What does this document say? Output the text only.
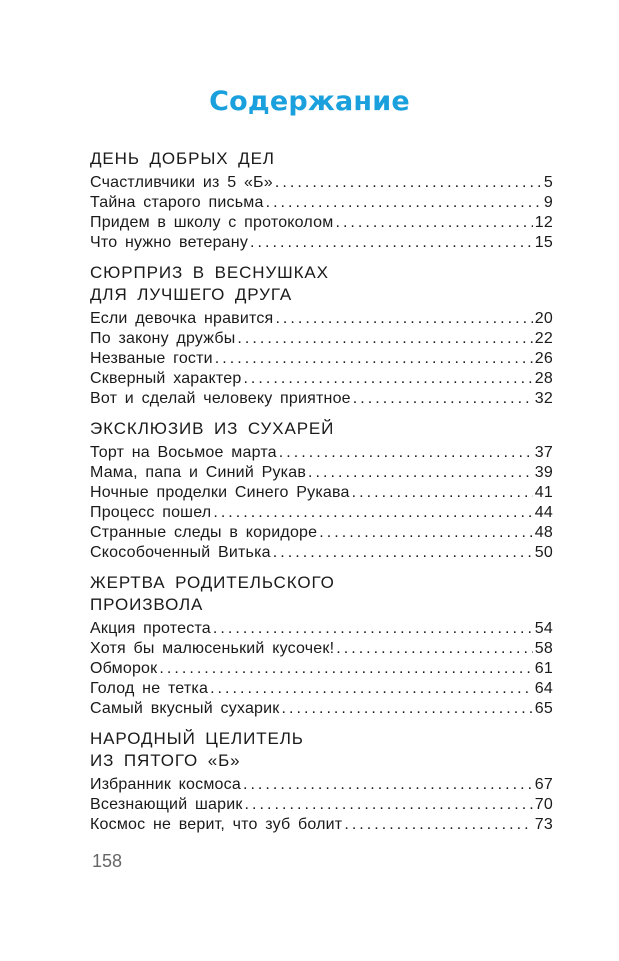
Содержание
ДЕНЬ ДОБРЫХ ДЕЛ
Счастливчики из 5 «Б» . . .	5
Тайна старого письма . . .	9
Придем в школу с протоколом . . .	12
Что нужно ветерану . . .	15
СЮРПРИЗ В ВЕСНУШКАХ
ДЛЯ ЛУЧШЕГО ДРУГА
Если девочка нравится . . .	20
По закону дружбы . . .	22
Незваные гости . . .	26
Скверный характер . . .	28
Вот и сделай человеку приятное . . .	32
ЭКСКЛЮЗИВ ИЗ СУХАРЕЙ
Торт на Восьмое марта . . .	37
Мама, папа и Синий Рукав . . .	39
Ночные проделки Синего Рукава . . .	41
Процесс пошел . . .	44
Странные следы в коридоре . . .	48
Скособоченный Витька . . .	50
ЖЕРТВА РОДИТЕЛЬСКОГО
ПРОИЗВОЛА
Акция протеста . . .	54
Хотя бы малюсенький кусочек! . . .	58
Обморок . . .	61
Голод не тетка . . .	64
Самый вкусный сухарик . . .	65
НАРОДНЫЙ ЦЕЛИТЕЛЬ
ИЗ ПЯТОГО «Б»
Избранник космоса . . .	67
Всезнающий шарик . . .	70
Космос не верит, что зуб болит . . .	73
158
